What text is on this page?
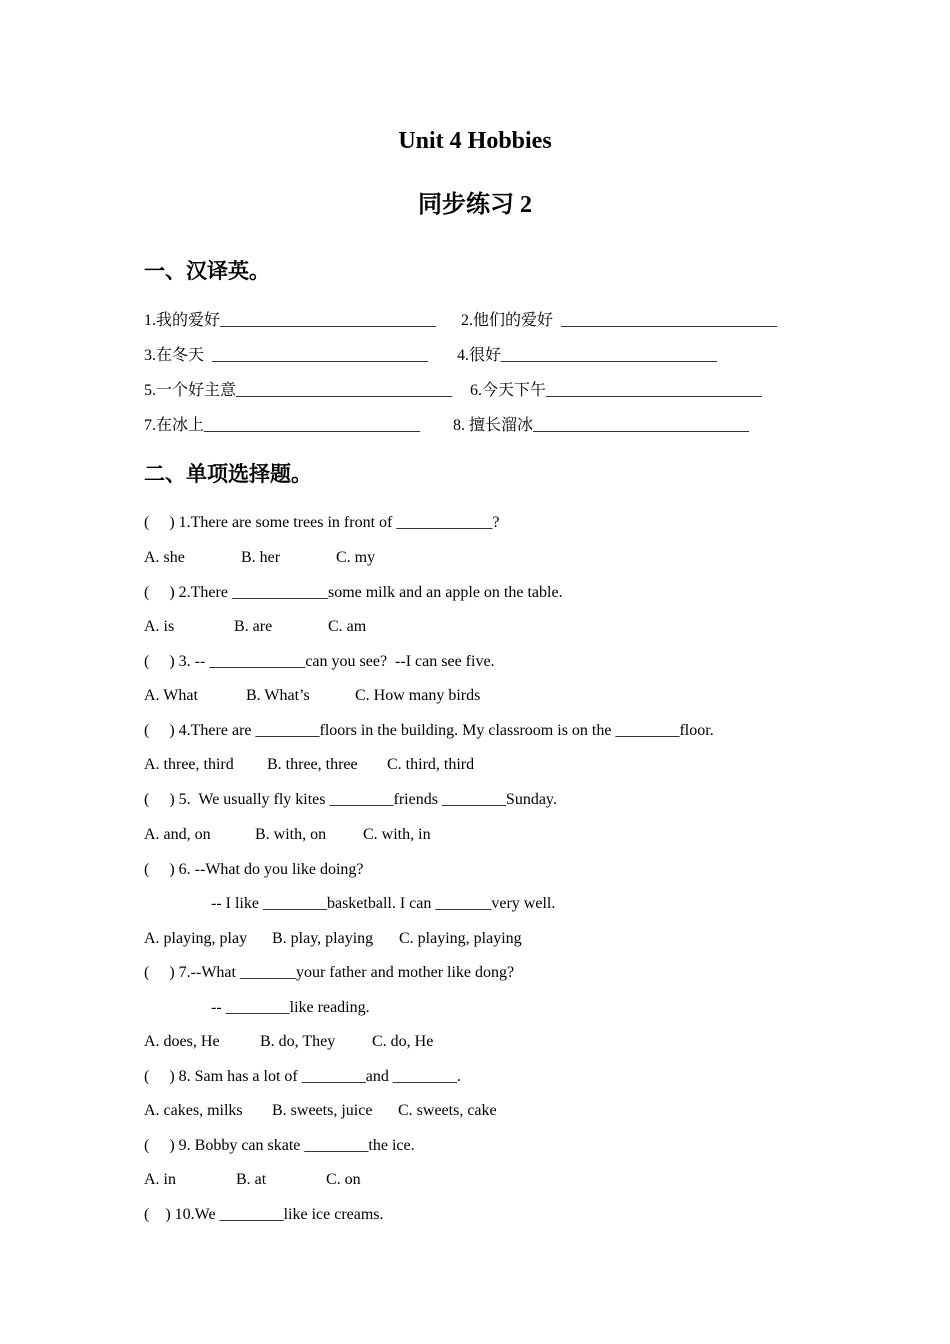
Unit 4 Hobbies
同步练习 2
一、汉译英。
1.我的爱好___________________________ 2.他们的爱好  ___________________________
3.在冬天  ___________________________ 4.很好___________________________
5.一个好主意___________________________ 6.今天下午___________________________
7.在冰上___________________________ 8. 擅长溜冰___________________________
二、单项选择题。
(     ) 1.There are some trees in front of ____________?
A. she	B. her	C. my
(     ) 2.There ____________some milk and an apple on the table.
A. is	B. are	C. am
(     ) 3. -- ____________can you see?  --I can see five.
A. What	B. What’s	C. How many birds
(     ) 4.There are ________floors in the building. My classroom is on the ________floor.
A. three, third B. three, three C. third, third
(     ) 5.  We usually fly kites ________friends ________Sunday.
A. and, on	B. with, on C. with, in
(     ) 6. --What do you like doing?
-- I like ________basketball. I can _______very well.
A. playing, play B. play, playing C. playing, playing
(     ) 7.--What _______your father and mother like dong?
-- ________like reading.
A. does, He	B. do, They C. do, He
(     ) 8. Sam has a lot of ________and ________.
A. cakes, milks B. sweets, juice C. sweets, cake
(     ) 9. Bobby can skate ________the ice.
A. in	B. at	C. on
(    ) 10.We ________like ice creams.
